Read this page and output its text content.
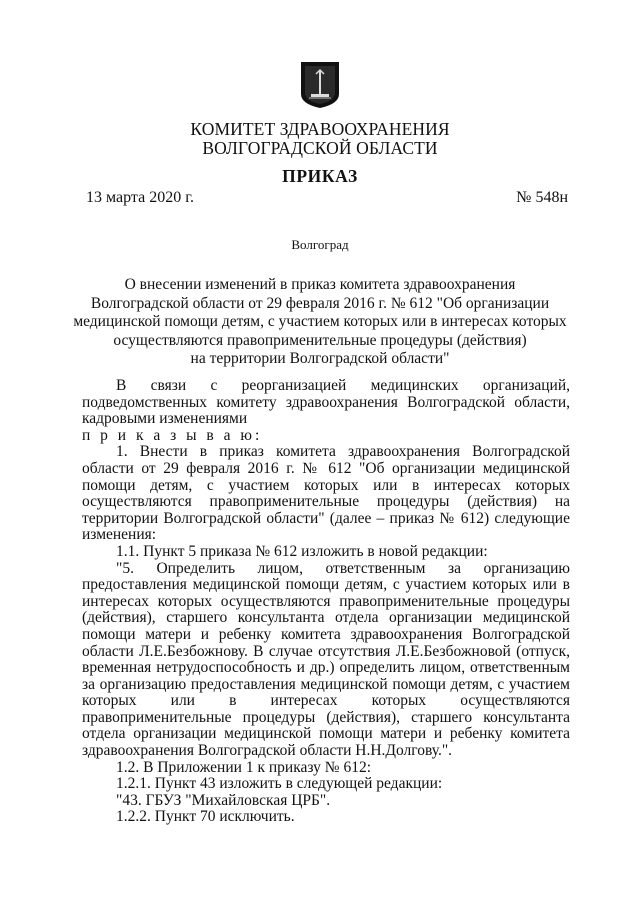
КОМИТЕТ ЗДРАВООХРАНЕНИЯ
ВОЛГОГРАДСКОЙ ОБЛАСТИ
ПРИКАЗ
13 марта 2020 г.	№ 548н
Волгоград
О внесении изменений в приказ комитета здравоохранения
Волгоградской области от 29 февраля 2016 г. № 612 "Об организации
медицинской помощи детям, с участием которых или в интересах которых
осуществляются правоприменительные процедуры (действия)
на территории Волгоградской области"

В связи с реорганизацией медицинских организаций, подведомственных комитету здравоохранения Волгоградской области, кадровыми изменениями

п р и к а з ы в а ю:

1. Внести в приказ комитета здравоохранения Волгоградской области от 29 февраля 2016 г. № 612 "Об организации медицинской помощи детям, с участием которых или в интересах которых осуществляются правоприменительные процедуры (действия) на территории Волгоградской области" (далее – приказ № 612) следующие изменения:

1.1. Пункт 5 приказа № 612 изложить в новой редакции:

"5. Определить лицом, ответственным за организацию предоставления медицинской помощи детям, с участием которых или в интересах которых осуществляются правоприменительные процедуры (действия), старшего консультанта отдела организации медицинской помощи матери и ребенку комитета здравоохранения Волгоградской области Л.Е.Безбожнову. В случае отсутствия Л.Е.Безбожновой (отпуск, временная нетрудоспособность и др.) определить лицом, ответственным за организацию предоставления медицинской помощи детям, с участием которых или в интересах которых осуществляются правоприменительные процедуры (действия), старшего консультанта отдела организации медицинской помощи матери и ребенку комитета здравоохранения Волгоградской области Н.Н.Долгову.".

1.2. В Приложении 1 к приказу № 612:

1.2.1. Пункт 43 изложить в следующей редакции:

"43. ГБУЗ "Михайловская ЦРБ".

1.2.2. Пункт 70 исключить.
